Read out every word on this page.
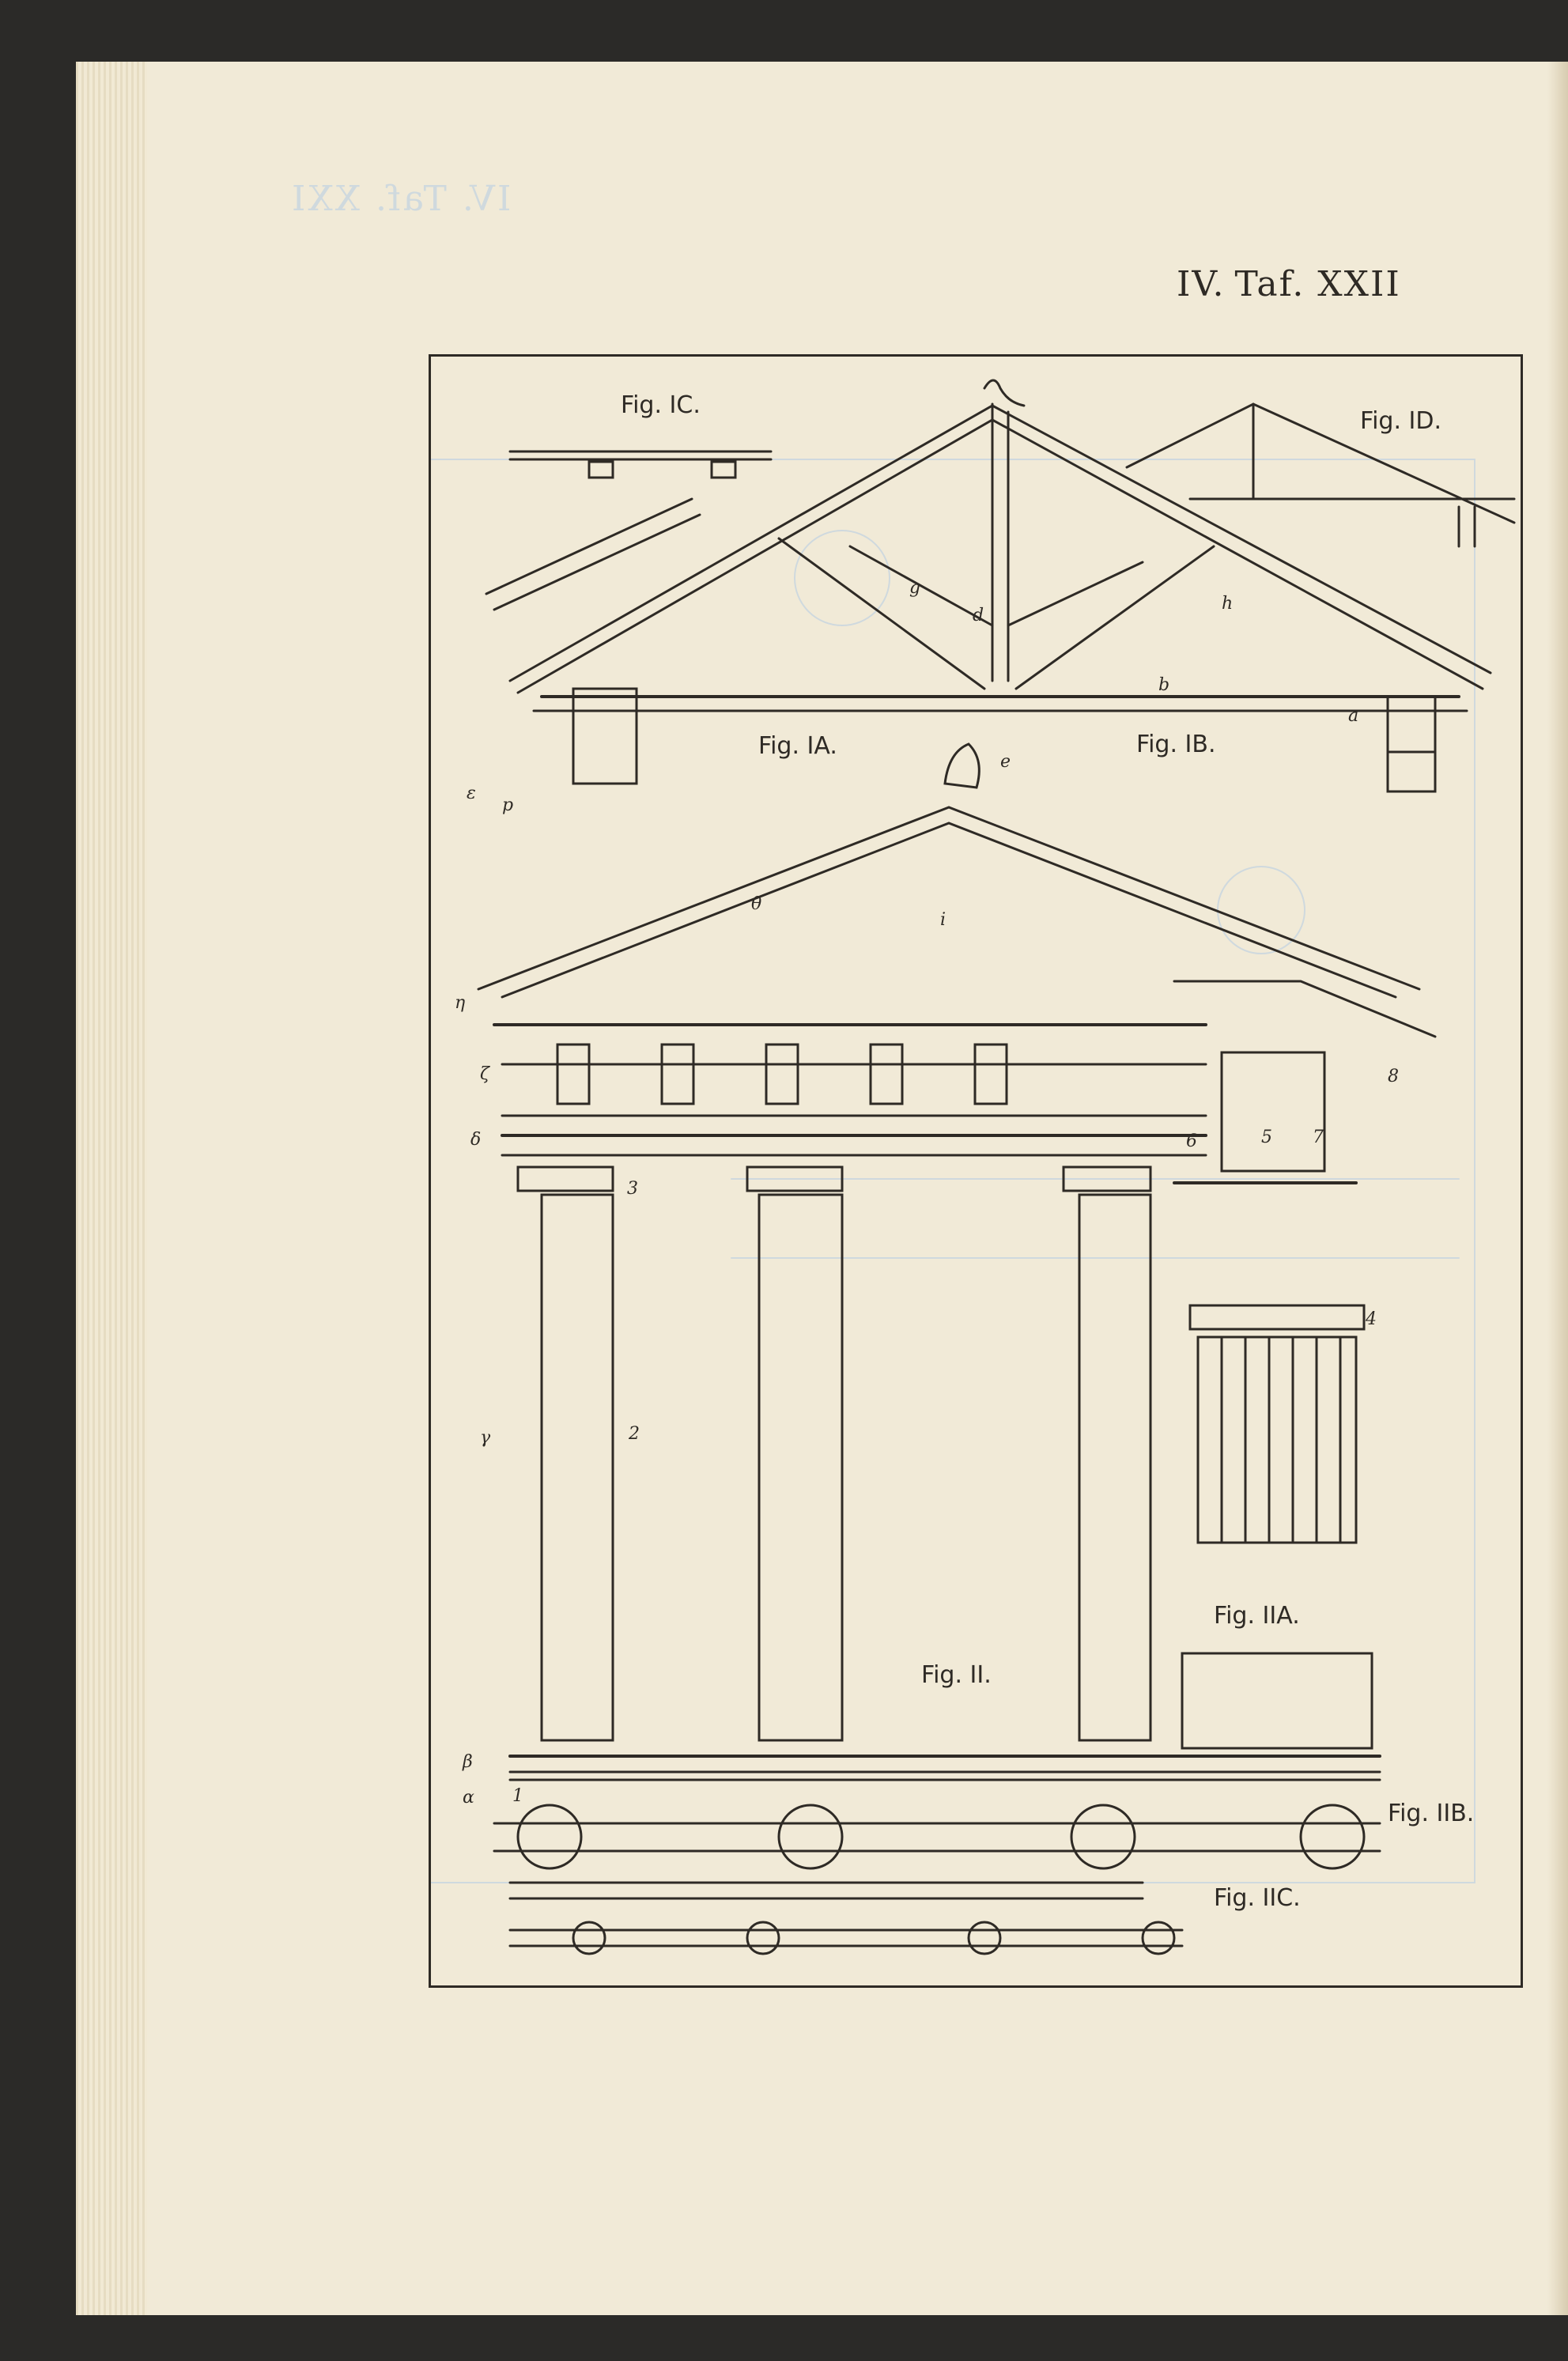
IV. Taf. XXI
IV. Taf. XXII
Fig. IC.
Fig. ID.
Fig. IA.	Fig. IB.
Fig. IIA.
Fig. II.
Fig. IIB.
Fig. IIC.
i
θ
η
ζ
ε
δ
γ
β
α
a
b
d
e
g
h
p
1
2
3
4
5
6	7
8
